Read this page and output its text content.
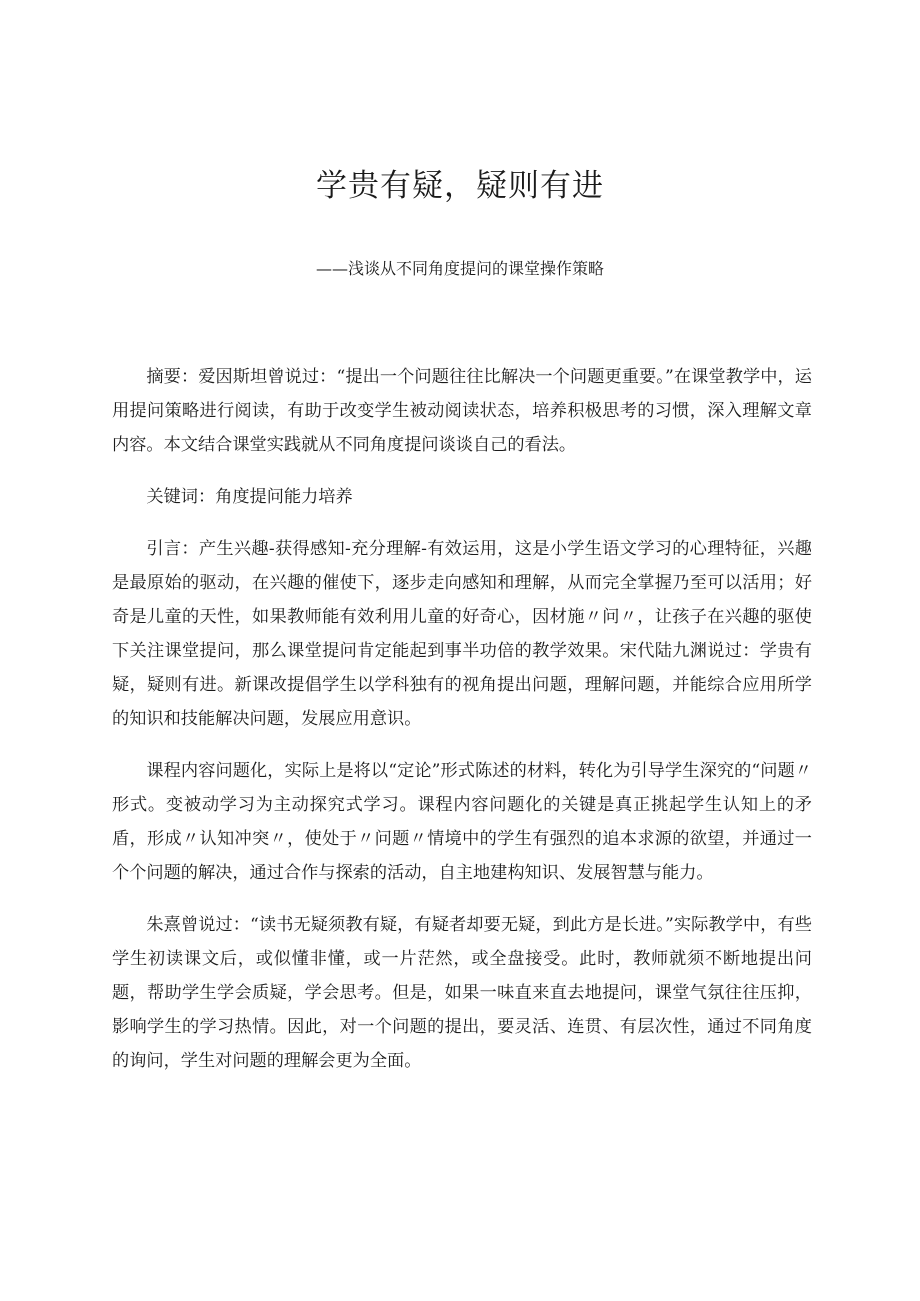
学贵有疑，疑则有进

——浅谈从不同角度提问的课堂操作策略

摘要：爱因斯坦曾说过：“提出一个问题往往比解决一个问题更重要。”在课堂教学中，运用提问策略进行阅读，有助于改变学生被动阅读状态，培养积极思考的习惯，深入理解文章内容。本文结合课堂实践就从不同角度提问谈谈自己的看法。

关键词：角度提问能力培养

引言：产生兴趣-获得感知-充分理解-有效运用，这是小学生语文学习的心理特征，兴趣是最原始的驱动，在兴趣的催使下，逐步走向感知和理解，从而完全掌握乃至可以活用；好奇是儿童的天性，如果教师能有效利用儿童的好奇心，因材施〃问〃，让孩子在兴趣的驱使下关注课堂提问，那么课堂提问肯定能起到事半功倍的教学效果。宋代陆九渊说过：学贵有疑，疑则有进。新课改提倡学生以学科独有的视角提出问题，理解问题，并能综合应用所学的知识和技能解决问题，发展应用意识。

课程内容问题化，实际上是将以“定论”形式陈述的材料，转化为引导学生深究的“问题〃形式。变被动学习为主动探究式学习。课程内容问题化的关键是真正挑起学生认知上的矛盾，形成〃认知冲突〃，使处于〃问题〃情境中的学生有强烈的追本求源的欲望，并通过一个个问题的解决，通过合作与探索的活动，自主地建构知识、发展智慧与能力。

朱熹曾说过：“读书无疑须教有疑，有疑者却要无疑，到此方是长进。”实际教学中，有些学生初读课文后，或似懂非懂，或一片茫然，或全盘接受。此时，教师就须不断地提出问题，帮助学生学会质疑，学会思考。但是，如果一味直来直去地提问，课堂气氛往往压抑，影响学生的学习热情。因此，对一个问题的提出，要灵活、连贯、有层次性，通过不同角度的询问，学生对问题的理解会更为全面。
